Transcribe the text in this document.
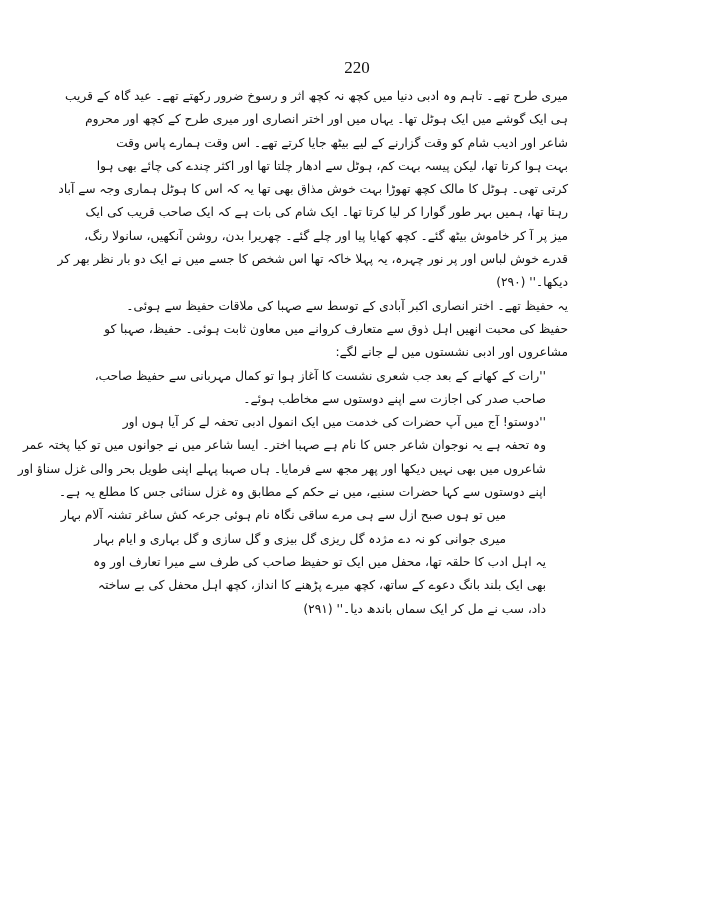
220
میری طرح تھے۔ تاہم وہ ادبی دنیا میں کچھ نہ کچھ اثر و رسوخ ضرور رکھتے تھے۔ عید گاہ کے قریب
ہی ایک گوشے میں ایک ہوٹل تھا۔ یہاں میں اور اختر انصاری اور میری طرح کے کچھ اور محروم
شاعر اور ادیب شام کو وقت گزارنے کے لیے بیٹھ جایا کرتے تھے۔ اس وقت ہمارے پاس وقت
بہت ہوا کرتا تھا، لیکن پیسہ بہت کم، ہوٹل سے ادھار چلتا تھا اور اکثر چندے کی چائے بھی ہوا
کرتی تھی۔ ہوٹل کا مالک کچھ تھوڑا بہت خوش مذاق بھی تھا یہ کہ اس کا ہوٹل ہماری وجہ سے آباد
رہتا تھا، ہمیں بہر طور گوارا کر لیا کرتا تھا۔ ایک شام کی بات ہے کہ ایک صاحب قریب کی ایک
میز پر آ کر خاموش بیٹھ گئے۔ کچھ کھایا پیا اور چلے گئے۔ چھریرا بدن، روشن آنکھیں، سانولا رنگ،
قدرے خوش لباس اور پر نور چہرہ، یہ پہلا خاکہ تھا اس شخص کا جسے میں نے ایک دو بار نظر بھر کر
دیکھا۔'' (۲۹۰)
یہ حفیظ تھے۔ اختر انصاری اکبر آبادی کے توسط سے صہبا کی ملاقات حفیظ سے ہوئی۔
حفیظ کی محبت انھیں اہل ذوق سے متعارف کروانے میں معاون ثابت ہوئی۔ حفیظ، صہبا کو
مشاعروں اور ادبی نشستوں میں لے جانے لگے:
''رات کے کھانے کے بعد جب شعری نشست کا آغاز ہوا تو کمال مہربانی سے حفیظ صاحب،
صاحب صدر کی اجازت سے اپنے دوستوں سے مخاطب ہوئے۔
''دوستو! آج میں آپ حضرات کی خدمت میں ایک انمول ادبی تحفہ لے کر آیا ہوں اور
وہ تحفہ ہے یہ نوجوان شاعر جس کا نام ہے صہبا اختر۔ ایسا شاعر میں نے جوانوں میں تو کیا پختہ عمر
شاعروں میں بھی نہیں دیکھا اور پھر مجھ سے فرمایا۔ ہاں صہبا پہلے اپنی طویل بحر والی غزل سناؤ اور
اپنے دوستوں سے کہا حضرات سنیے، میں نے حکم کے مطابق وہ غزل سنائی جس کا مطلع یہ ہے۔
میں تو ہوں صبح ازل سے ہی مرے ساقی نگاہ نام ہوئی جرعہ کش ساغر تشنہ آلام بہار
میری جوانی کو نہ دے مژدہ گل ریزی گل بیزی و گل سازی و گل بہاری و ایام بہار
یہ اہل ادب کا حلقہ تھا، محفل میں ایک تو حفیظ صاحب کی طرف سے میرا تعارف اور وہ
بھی ایک بلند بانگ دعوے کے ساتھ، کچھ میرے پڑھنے کا انداز، کچھ اہل محفل کی بے ساختہ
داد، سب نے مل کر ایک سماں باندھ دیا۔'' (۲۹۱)
